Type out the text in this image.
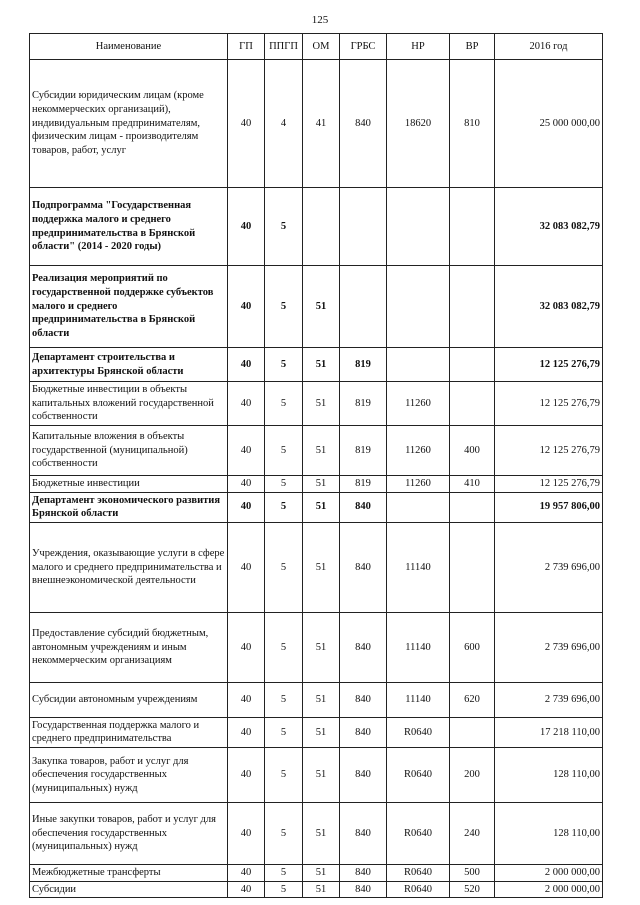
125
Наименование	ГП	ППГП	ОМ	ГРБС	НР	ВР	2016 год
Субсидии юридическим лицам (кроме некоммерческих организаций), индивидуальным предпринимателям, физическим лицам - производителям товаров, работ, услуг	40	4	41	840	18620	810	25 000 000,00
Подпрограмма "Государственная поддержка малого и среднего предпринимательства в Брянской области" (2014 - 2020 годы)	40	5					32 083 082,79
Реализация мероприятий по государственной поддержке субъектов малого и среднего предпринимательства в Брянской области	40	5	51				32 083 082,79
Департамент строительства и архитектуры Брянской области	40	5	51	819			12 125 276,79
Бюджетные инвестиции в объекты капитальных вложений государственной собственности	40	5	51	819	11260		12 125 276,79
Капитальные вложения в объекты государственной (муниципальной) собственности	40	5	51	819	11260	400	12 125 276,79
Бюджетные инвестиции	40	5	51	819	11260	410	12 125 276,79
Департамент экономического развития Брянской области	40	5	51	840			19 957 806,00
Учреждения, оказывающие услуги в сфере малого и среднего предпринимательства и внешнеэкономической деятельности	40	5	51	840	11140		2 739 696,00
Предоставление субсидий бюджетным, автономным учреждениям и иным некоммерческим организациям	40	5	51	840	11140	600	2 739 696,00
Субсидии автономным учреждениям	40	5	51	840	11140	620	2 739 696,00
Государственная поддержка малого и среднего предпринимательства	40	5	51	840	R0640		17 218 110,00
Закупка товаров, работ и услуг для обеспечения государственных (муниципальных) нужд	40	5	51	840	R0640	200	128 110,00
Иные закупки товаров, работ и услуг для обеспечения государственных (муниципальных) нужд	40	5	51	840	R0640	240	128 110,00
Межбюджетные трансферты	40	5	51	840	R0640	500	2 000 000,00
Субсидии	40	5	51	840	R0640	520	2 000 000,00
